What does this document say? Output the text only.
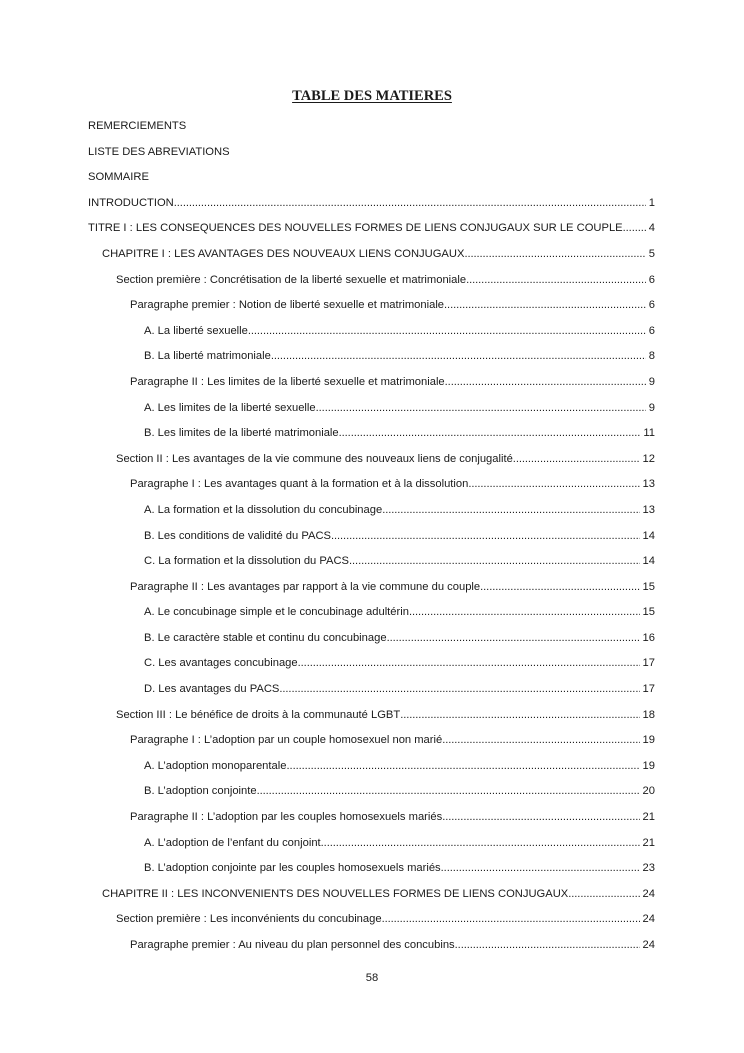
TABLE DES MATIERES
REMERCIEMENTS
LISTE DES ABREVIATIONS
SOMMAIRE
INTRODUCTION . . .	1
TITRE I : LES CONSEQUENCES DES NOUVELLES FORMES DE LIENS CONJUGAUX SUR LE COUPLE . . . 4
CHAPITRE I : LES AVANTAGES DES NOUVEAUX LIENS CONJUGAUX . . .	5
Section première : Concrétisation de la liberté sexuelle et matrimoniale . . .	6
Paragraphe premier : Notion de liberté sexuelle et matrimoniale . . .	6
A. La liberté sexuelle . . .	6
B. La liberté matrimoniale . . .	8
Paragraphe II : Les limites de la liberté sexuelle et matrimoniale . . .	9
A. Les limites de la liberté sexuelle . . .	9
B. Les limites de la liberté matrimoniale . . .	11
Section II : Les avantages de la vie commune des nouveaux liens de conjugalité . . .	12
Paragraphe I : Les avantages quant à la formation et à la dissolution . . .	13
A. La formation et la dissolution du concubinage . . .	13
B. Les conditions de validité du PACS . . .	14
C. La formation et la dissolution du PACS . . .	14
Paragraphe II : Les avantages par rapport à la vie commune du couple . . .	15
A. Le concubinage simple et le concubinage adultérin . . .	15
B. Le caractère stable et continu du concubinage . . .	16
C. Les avantages concubinage . . .	17
D. Les avantages du PACS . . .	17
Section III : Le bénéfice de droits à la communauté LGBT . . .	18
Paragraphe I : L’adoption par un couple homosexuel non marié . . .	19
A. L’adoption monoparentale. . . .	19
B. L’adoption conjointe . . .	20
Paragraphe II : L’adoption par les couples homosexuels mariés . . .	21
A. L’adoption de l’enfant du conjoint . . .	21
B. L’adoption conjointe par les couples homosexuels mariés . . .	23
CHAPITRE II : LES INCONVENIENTS DES NOUVELLES FORMES DE LIENS CONJUGAUX . . .	24
Section première : Les inconvénients du concubinage . . .	24
Paragraphe premier : Au niveau du plan personnel des concubins . . .	24
58
